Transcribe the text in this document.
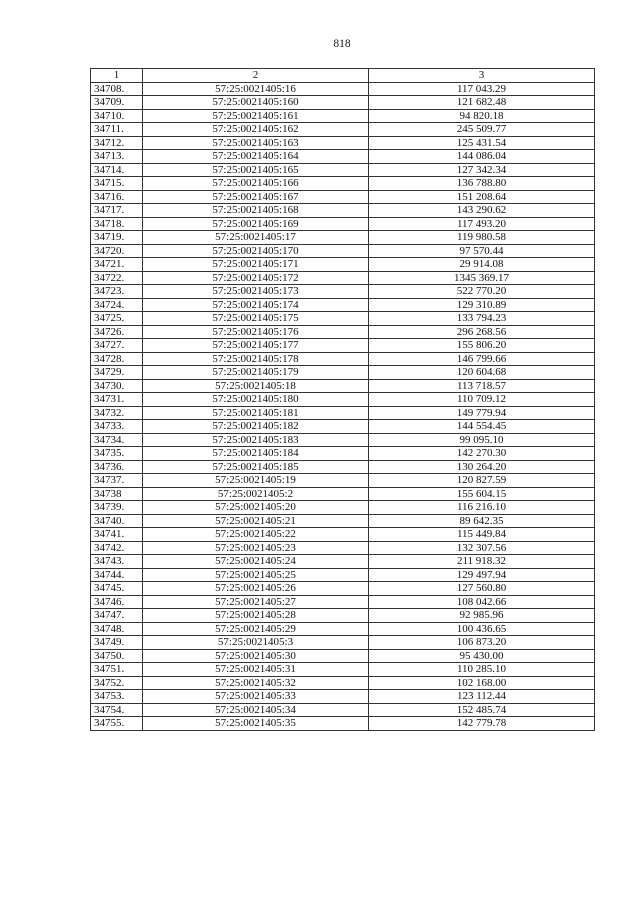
818
1	2	3
34708.	57:25:0021405:16	117 043.29
34709.	57:25:0021405:160	121 682.48
34710.	57:25:0021405:161	94 820.18
34711.	57:25:0021405:162	245 509.77
34712.	57:25:0021405:163	125 431.54
34713.	57:25:0021405:164	144 086.04
34714.	57:25:0021405:165	127 342.34
34715.	57:25:0021405:166	136 788.80
34716.	57:25:0021405:167	151 208.64
34717.	57:25:0021405:168	143 290.62
34718.	57:25:0021405:169	117 493.20
34719.	57:25:0021405:17	119 980.58
34720.	57:25:0021405:170	97 570.44
34721.	57:25:0021405:171	29 914.08
34722.	57:25:0021405:172	1345 369.17
34723.	57:25:0021405:173	522 770.20
34724.	57:25:0021405:174	129 310.89
34725.	57:25:0021405:175	133 794.23
34726.	57:25:0021405:176	296 268.56
34727.	57:25:0021405:177	155 806.20
34728.	57:25:0021405:178	146 799.66
34729.	57:25:0021405:179	120 604.68
34730.	57:25:0021405:18	113 718.57
34731.	57:25:0021405:180	110 709.12
34732.	57:25:0021405:181	149 779.94
34733.	57:25:0021405:182	144 554.45
34734.	57:25:0021405:183	99 095.10
34735.	57:25:0021405:184	142 270.30
34736.	57:25:0021405:185	130 264.20
34737.	57:25:0021405:19	120 827.59
34738	57:25:0021405:2	155 604.15
34739.	57:25:0021405:20	116 216.10
34740.	57:25:0021405:21	89 642.35
34741.	57:25:0021405:22	115 449.84
34742.	57:25:0021405:23	132 307.56
34743.	57:25:0021405:24	211 918.32
34744.	57:25:0021405:25	129 497.94
34745.	57:25:0021405:26	127 560.80
34746.	57:25:0021405:27	108 042.66
34747.	57:25:0021405:28	92 985.96
34748.	57:25:0021405:29	100 436.65
34749.	57:25:0021405:3	106 873.20
34750.	57:25:0021405:30	95 430.00
34751.	57:25:0021405:31	110 285.10
34752.	57:25:0021405:32	102 168.00
34753.	57:25:0021405:33	123 112.44
34754.	57:25:0021405:34	152 485.74
34755.	57:25:0021405:35	142 779.78
